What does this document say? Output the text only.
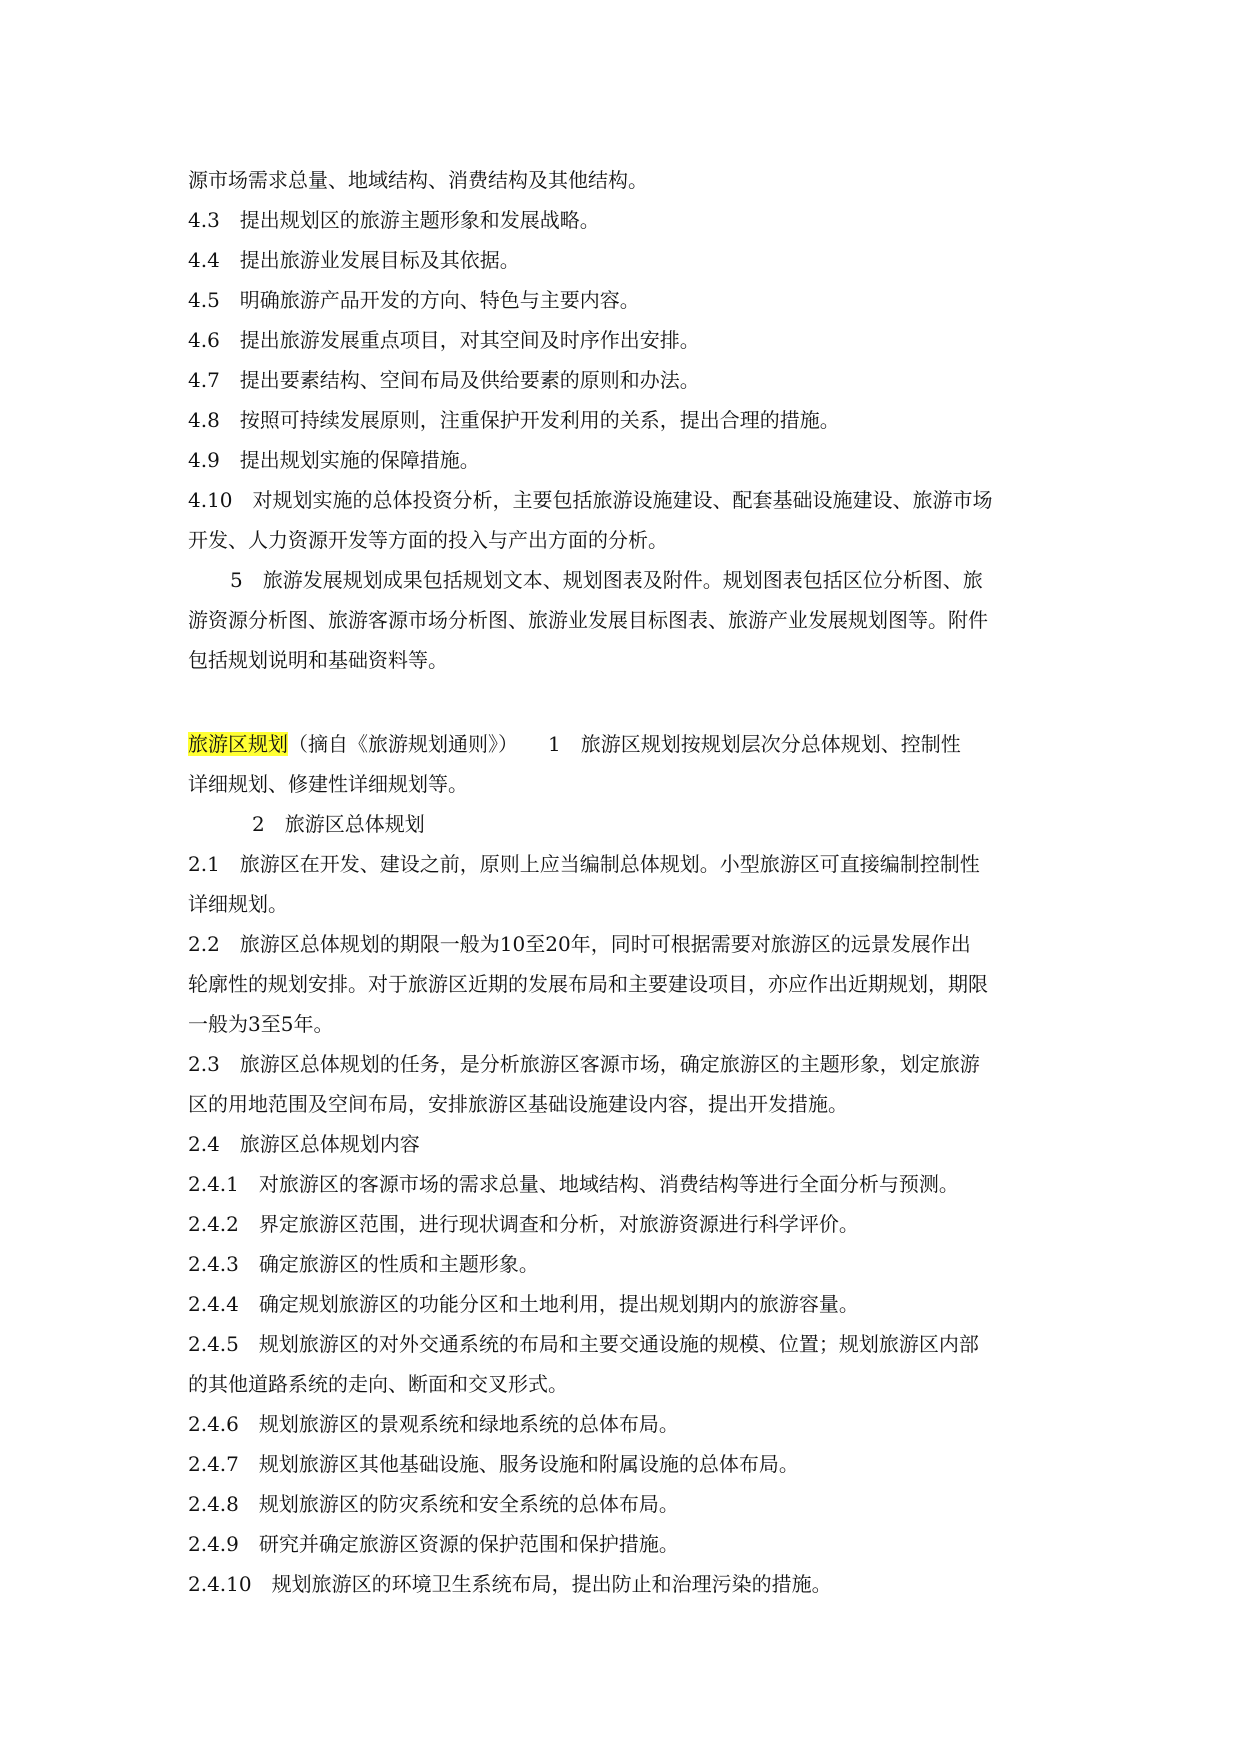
源市场需求总量、地域结构、消费结构及其他结构。
4.3　提出规划区的旅游主题形象和发展战略。
4.4　提出旅游业发展目标及其依据。
4.5　明确旅游产品开发的方向、特色与主要内容。
4.6　提出旅游发展重点项目，对其空间及时序作出安排。
4.7　提出要素结构、空间布局及供给要素的原则和办法。
4.8　按照可持续发展原则，注重保护开发利用的关系，提出合理的措施。
4.9　提出规划实施的保障措施。
4.10　对规划实施的总体投资分析，主要包括旅游设施建设、配套基础设施建设、旅游市场
开发、人力资源开发等方面的投入与产出方面的分析。
5　旅游发展规划成果包括规划文本、规划图表及附件。规划图表包括区位分析图、旅
游资源分析图、旅游客源市场分析图、旅游业发展目标图表、旅游产业发展规划图等。附件
包括规划说明和基础资料等。
旅游区规划（摘自《旅游规划通则》）　　1　旅游区规划按规划层次分总体规划、控制性
详细规划、修建性详细规划等。
2　旅游区总体规划
2.1　旅游区在开发、建设之前，原则上应当编制总体规划。小型旅游区可直接编制控制性
详细规划。
2.2　旅游区总体规划的期限一般为10至20年，同时可根据需要对旅游区的远景发展作出
轮廓性的规划安排。对于旅游区近期的发展布局和主要建设项目，亦应作出近期规划，期限
一般为3至5年。
2.3　旅游区总体规划的任务，是分析旅游区客源市场，确定旅游区的主题形象，划定旅游
区的用地范围及空间布局，安排旅游区基础设施建设内容，提出开发措施。
2.4　旅游区总体规划内容
2.4.1　对旅游区的客源市场的需求总量、地域结构、消费结构等进行全面分析与预测。
2.4.2　界定旅游区范围，进行现状调查和分析，对旅游资源进行科学评价。
2.4.3　确定旅游区的性质和主题形象。
2.4.4　确定规划旅游区的功能分区和土地利用，提出规划期内的旅游容量。
2.4.5　规划旅游区的对外交通系统的布局和主要交通设施的规模、位置；规划旅游区内部
的其他道路系统的走向、断面和交叉形式。
2.4.6　规划旅游区的景观系统和绿地系统的总体布局。
2.4.7　规划旅游区其他基础设施、服务设施和附属设施的总体布局。
2.4.8　规划旅游区的防灾系统和安全系统的总体布局。
2.4.9　研究并确定旅游区资源的保护范围和保护措施。
2.4.10　规划旅游区的环境卫生系统布局，提出防止和治理污染的措施。
